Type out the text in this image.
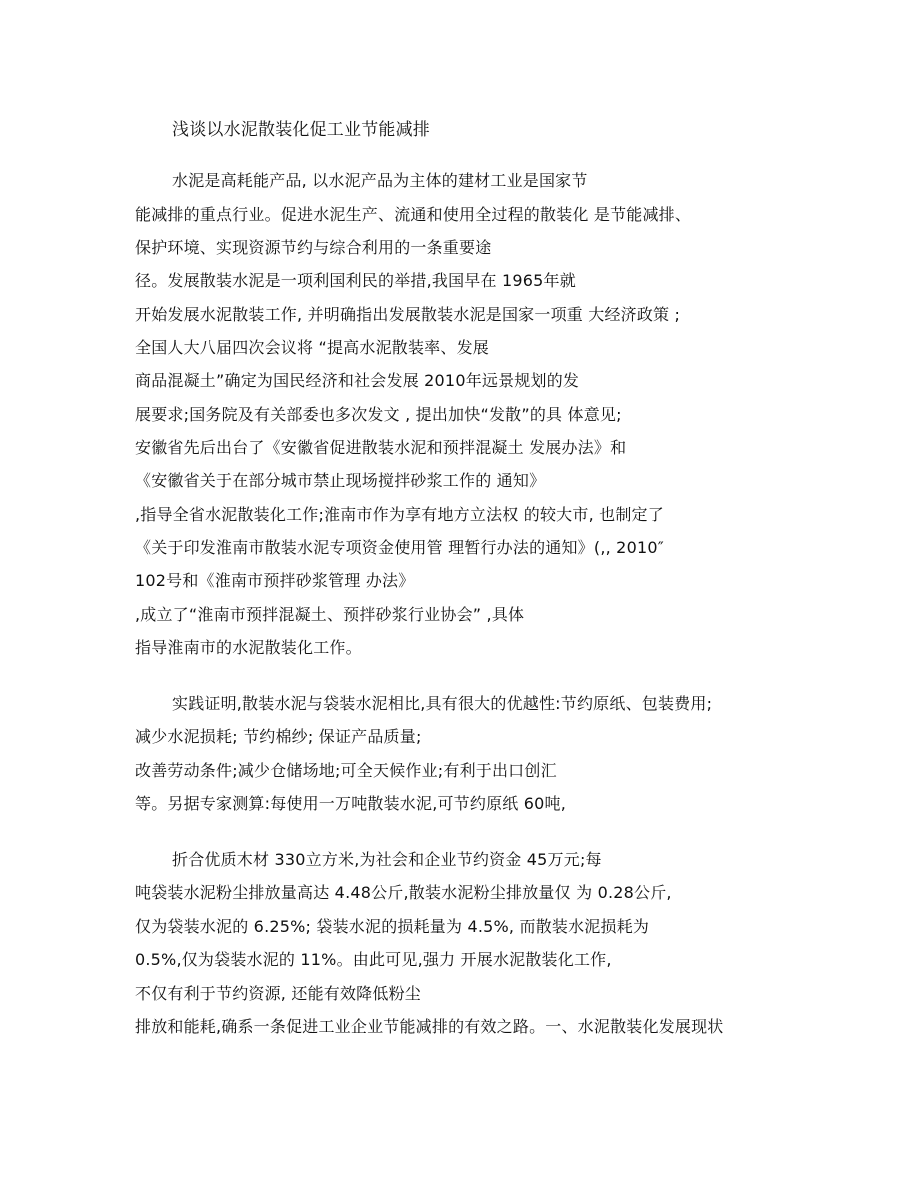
浅谈以水泥散装化促工业节能减排
水泥是高耗能产品, 以水泥产品为主体的建材工业是国家节
能减排的重点行业。促进水泥生产、流通和使用全过程的散装化 是节能减排、
保护环境、实现资源节约与综合利用的一条重要途
径。发展散装水泥是一项利国利民的举措,我国早在 1965年就
开始发展水泥散装工作, 并明确指出发展散装水泥是国家一项重 大经济政策 ;
全国人大八届四次会议将 “提高水泥散装率、发展
商品混凝土”确定为国民经济和社会发展 2010年远景规划的发
展要求;国务院及有关部委也多次发文 , 提出加快“发散”的具 体意见;
安徽省先后出台了《安徽省促进散装水泥和预拌混凝土 发展办法》和
《安徽省关于在部分城市禁止现场搅拌砂浆工作的 通知》
,指导全省水泥散装化工作;淮南市作为享有地方立法权 的较大市, 也制定了
《关于印发淮南市散装水泥专项资金使用管 理暂行办法的通知》(,, 2010″
102号和《淮南市预拌砂浆管理 办法》
,成立了“淮南市预拌混凝土、预拌砂浆行业协会” ,具体
指导淮南市的水泥散装化工作。
实践证明,散装水泥与袋装水泥相比,具有很大的优越性:节约原纸、包装费用;
减少水泥损耗; 节约棉纱; 保证产品质量;
改善劳动条件;减少仓储场地;可全天候作业;有利于出口创汇
等。另据专家测算:每使用一万吨散装水泥,可节约原纸 60吨,
折合优质木材 330立方米,为社会和企业节约资金 45万元;每
吨袋装水泥粉尘排放量高达 4.48公斤,散装水泥粉尘排放量仅 为 0.28公斤,
仅为袋装水泥的 6.25%; 袋装水泥的损耗量为 4.5%, 而散装水泥损耗为
0.5%,仅为袋装水泥的 11%。由此可见,强力 开展水泥散装化工作,
不仅有利于节约资源, 还能有效降低粉尘
排放和能耗,确系一条促进工业企业节能减排的有效之路。一、水泥散装化发展现状
